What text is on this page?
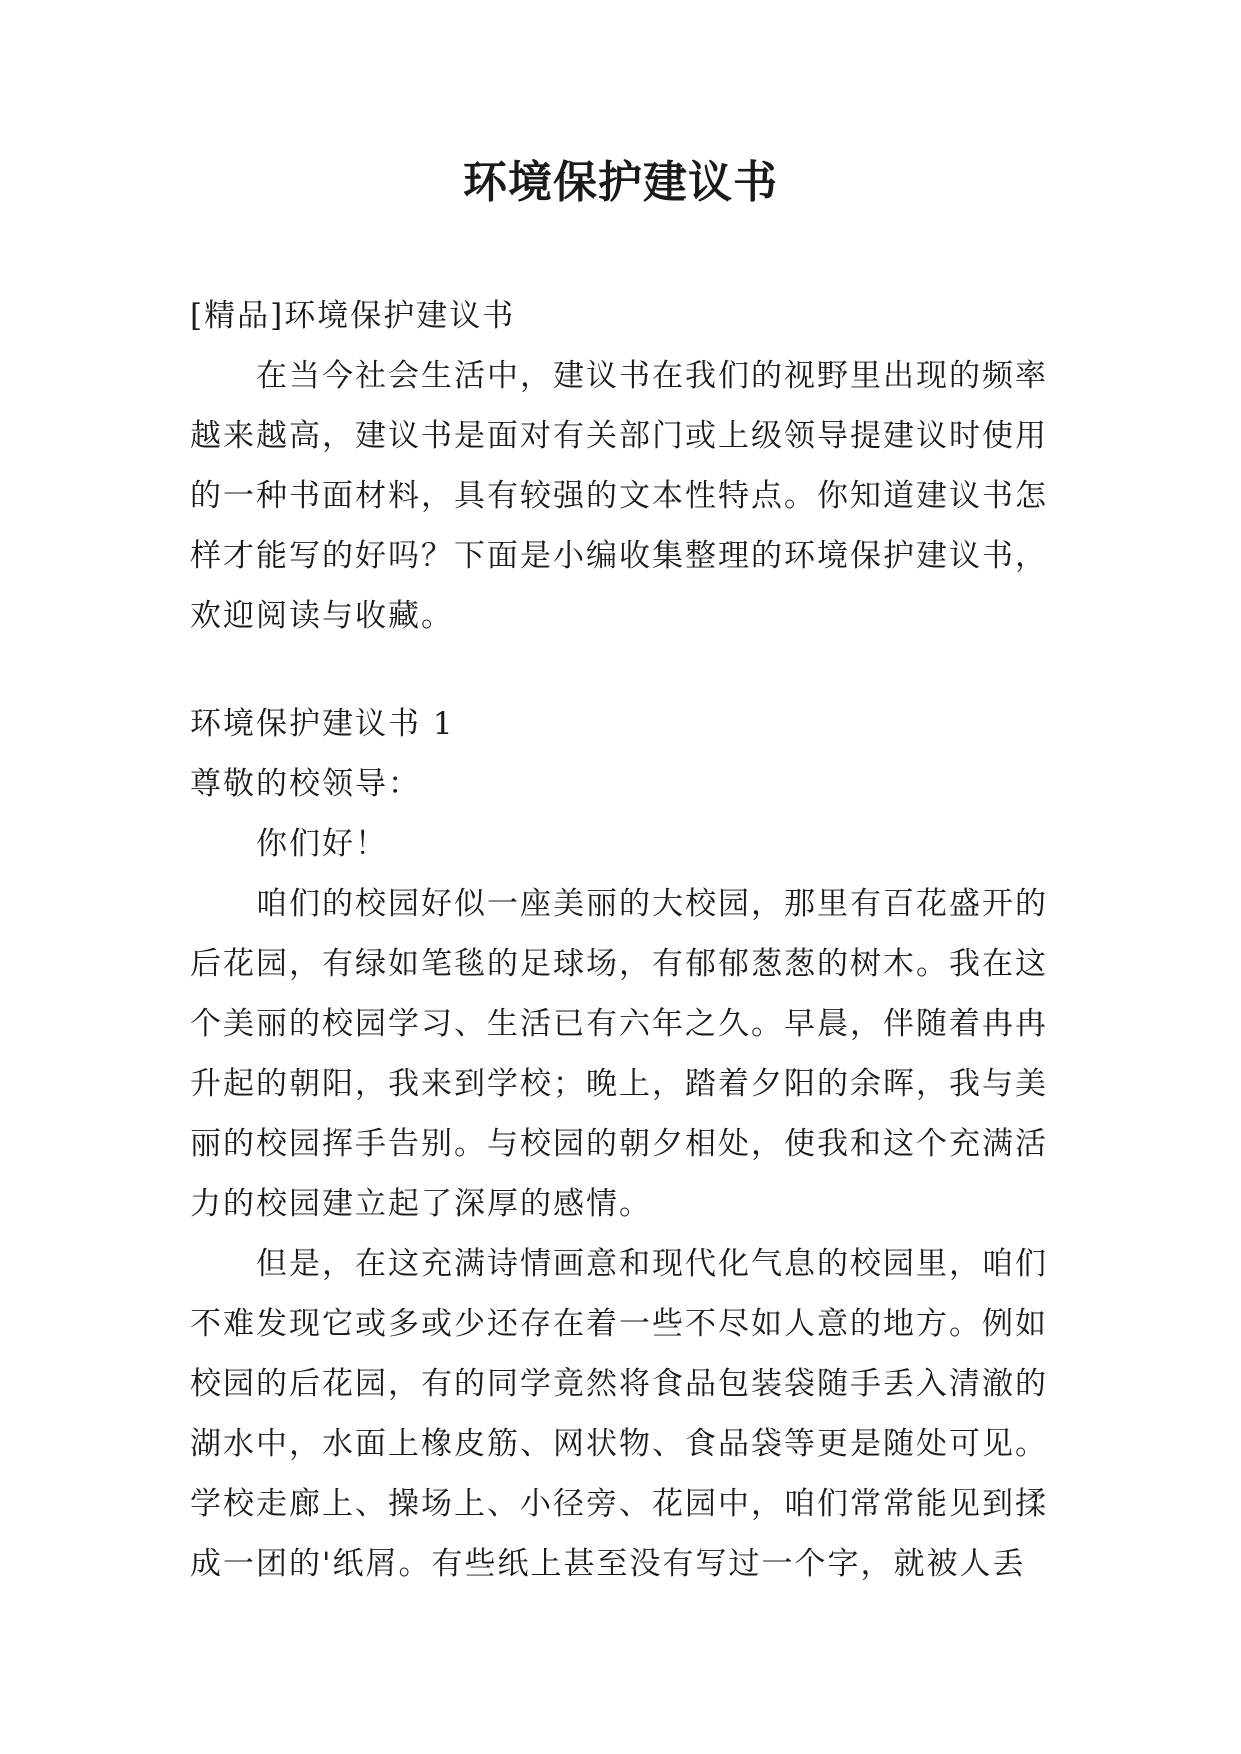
环境保护建议书
[精品]环境保护建议书
在当今社会生活中，建议书在我们的视野里出现的频率
越来越高，建议书是面对有关部门或上级领导提建议时使用
的一种书面材料，具有较强的文本性特点。你知道建议书怎
样才能写的好吗？下面是小编收集整理的环境保护建议书，
欢迎阅读与收藏。
环境保护建议书 1
尊敬的校领导：
你们好！
咱们的校园好似一座美丽的大校园，那里有百花盛开的
后花园，有绿如笔毯的足球场，有郁郁葱葱的树木。我在这
个美丽的校园学习、生活已有六年之久。早晨，伴随着冉冉
升起的朝阳，我来到学校；晚上，踏着夕阳的余晖，我与美
丽的校园挥手告别。与校园的朝夕相处，使我和这个充满活
力的校园建立起了深厚的感情。
但是，在这充满诗情画意和现代化气息的校园里，咱们
不难发现它或多或少还存在着一些不尽如人意的地方。例如
校园的后花园，有的同学竟然将食品包装袋随手丢入清澈的
湖水中，水面上橡皮筋、网状物、食品袋等更是随处可见。
学校走廊上、操场上、小径旁、花园中，咱们常常能见到揉
成一团的'纸屑。有些纸上甚至没有写过一个字，就被人丢
